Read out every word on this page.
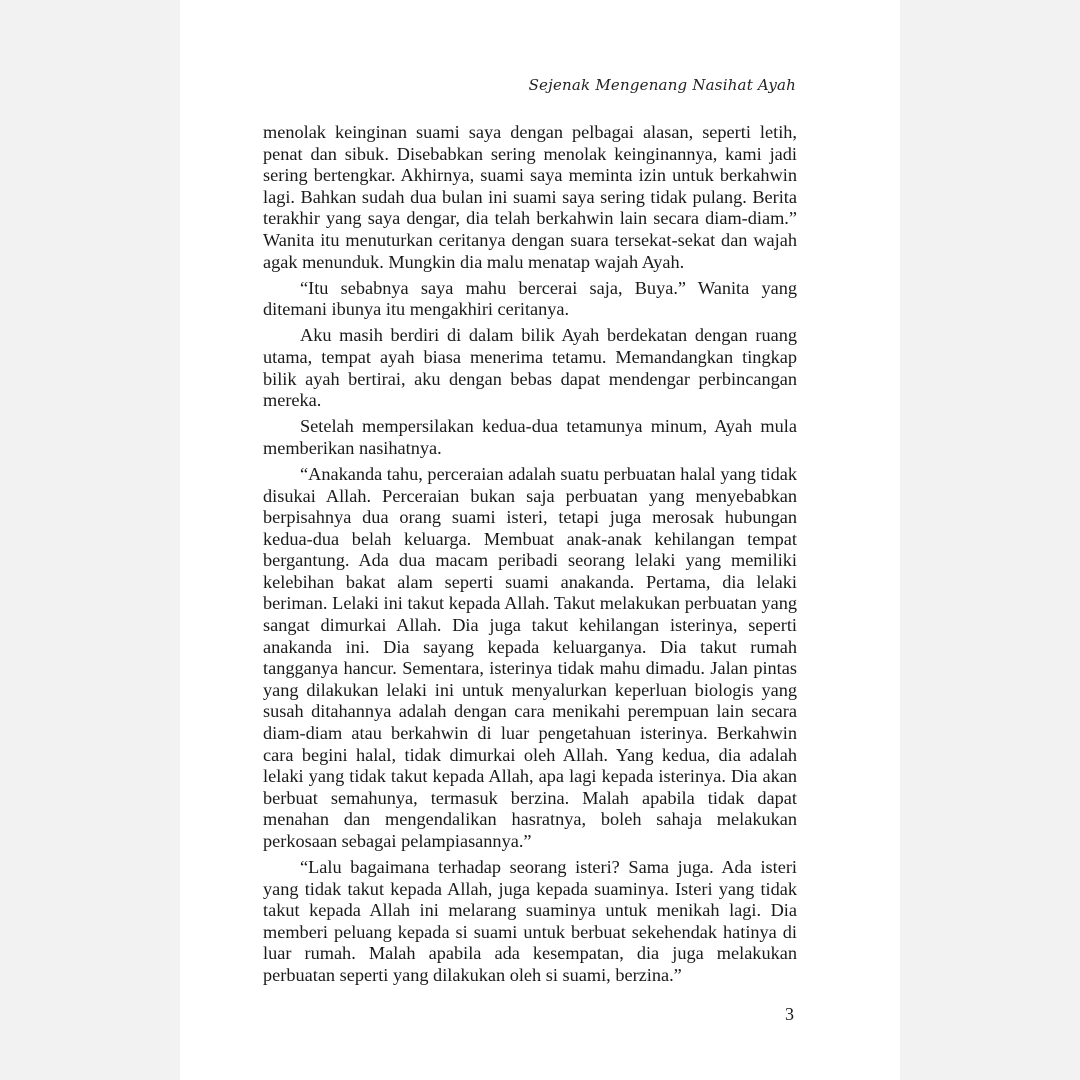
Sejenak Mengenang Nasihat Ayah

menolak keinginan suami saya dengan pelbagai alasan, seperti letih, penat dan sibuk. Disebabkan sering menolak keinginannya, kami jadi sering bertengkar. Akhirnya, suami saya meminta izin untuk berkahwin lagi. Bahkan sudah dua bulan ini suami saya sering tidak pulang. Berita terakhir yang saya dengar, dia telah berkahwin lain secara diam-diam.” Wanita itu menuturkan ceritanya dengan suara tersekat-sekat dan wajah agak menunduk. Mungkin dia malu menatap wajah Ayah.

“Itu sebabnya saya mahu bercerai saja, Buya.” Wanita yang ditemani ibunya itu mengakhiri ceritanya.

Aku masih berdiri di dalam bilik Ayah berdekatan dengan ruang utama, tempat ayah biasa menerima tetamu. Memandangkan tingkap bilik ayah bertirai, aku dengan bebas dapat mendengar perbincangan mereka.

Setelah mempersilakan kedua-dua tetamunya minum, Ayah mula memberikan nasihatnya.

“Anakanda tahu, perceraian adalah suatu perbuatan halal yang tidak disukai Allah. Perceraian bukan saja perbuatan yang menyebabkan berpisahnya dua orang suami isteri, tetapi juga merosak hubungan kedua-dua belah keluarga. Membuat anak-anak kehilangan tempat bergantung. Ada dua macam peribadi seorang lelaki yang memiliki kelebihan bakat alam seperti suami anakanda. Pertama, dia lelaki beriman. Lelaki ini takut kepada Allah. Takut melakukan perbuatan yang sangat dimurkai Allah. Dia juga takut kehilangan isterinya, seperti anakanda ini. Dia sayang kepada keluarganya. Dia takut rumah tangganya hancur. Sementara, isterinya tidak mahu dimadu. Jalan pintas yang dilakukan lelaki ini untuk menyalurkan keperluan biologis yang susah ditahannya adalah dengan cara menikahi perempuan lain secara diam-diam atau berkahwin di luar pengetahuan isterinya. Berkahwin cara begini halal, tidak dimurkai oleh Allah. Yang kedua, dia adalah lelaki yang tidak takut kepada Allah, apa lagi kepada isterinya. Dia akan berbuat semahunya, termasuk berzina. Malah apabila tidak dapat menahan dan mengendalikan hasratnya, boleh sahaja melakukan perkosaan sebagai pelampiasannya.”

“Lalu bagaimana terhadap seorang isteri? Sama juga. Ada isteri yang tidak takut kepada Allah, juga kepada suaminya. Isteri yang tidak takut kepada Allah ini melarang suaminya untuk menikah lagi. Dia memberi peluang kepada si suami untuk berbuat sekehendak hatinya di luar rumah. Malah apabila ada kesempatan, dia juga melakukan perbuatan seperti yang dilakukan oleh si suami, berzina.”

3
